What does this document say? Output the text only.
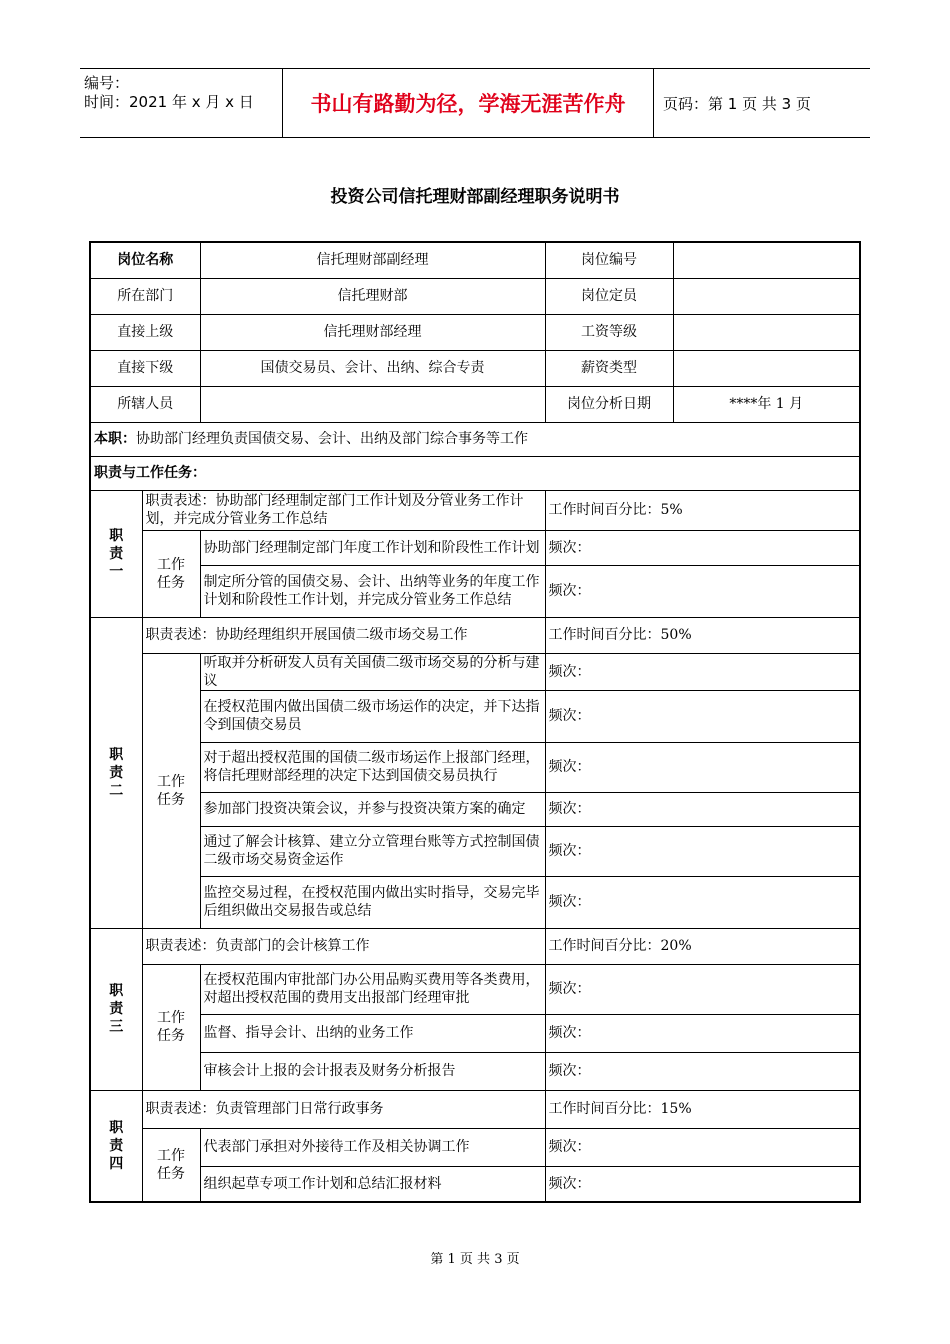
编号：
时间：2021 年 x 月 x 日	书山有路勤为径，学海无涯苦作舟	页码：第 1 页 共 3 页
投资公司信托理财部副经理职务说明书
岗位名称		信托理财部副经理	岗位编号	
所在部门		信托理财部	岗位定员	
直接上级		信托理财部经理	工资等级	
直接下级		国债交易员、会计、出纳、综合专责	薪资类型	
所辖人员			岗位分析日期	****年 1 月
本职：协助部门经理负责国债交易、会计、出纳及部门综合事务等工作				
职责与工作任务：				
职责一	职责表述：协助部门经理制定部门工作计划及分管业务工作计划，并完成分管业务工作总结		工作时间百分比：5%	
	工作任务	协助部门经理制定部门年度工作计划和阶段性工作计划	频次：	
		制定所分管的国债交易、会计、出纳等业务的年度工作计划和阶段性工作计划，并完成分管业务工作总结	频次：	
职责二	职责表述：协助经理组织开展国债二级市场交易工作		工作时间百分比：50%	
	工作任务	听取并分析研发人员有关国债二级市场交易的分析与建议	频次：	
		在授权范围内做出国债二级市场运作的决定，并下达指令到国债交易员	频次：	
		对于超出授权范围的国债二级市场运作上报部门经理，将信托理财部经理的决定下达到国债交易员执行	频次：	
		参加部门投资决策会议，并参与投资决策方案的确定	频次：	
		通过了解会计核算、建立分立管理台账等方式控制国债二级市场交易资金运作	频次：	
		监控交易过程，在授权范围内做出实时指导，交易完毕后组织做出交易报告或总结	频次：	
职责三	职责表述：负责部门的会计核算工作		工作时间百分比：20%	
	工作任务	在授权范围内审批部门办公用品购买费用等各类费用，对超出授权范围的费用支出报部门经理审批	频次：	
		监督、指导会计、出纳的业务工作	频次：	
		审核会计上报的会计报表及财务分析报告	频次：	
职责四	职责表述：负责管理部门日常行政事务		工作时间百分比：15%	
	工作任务	代表部门承担对外接待工作及相关协调工作	频次：	
		组织起草专项工作计划和总结汇报材料	频次：	
第 1 页 共 3 页
